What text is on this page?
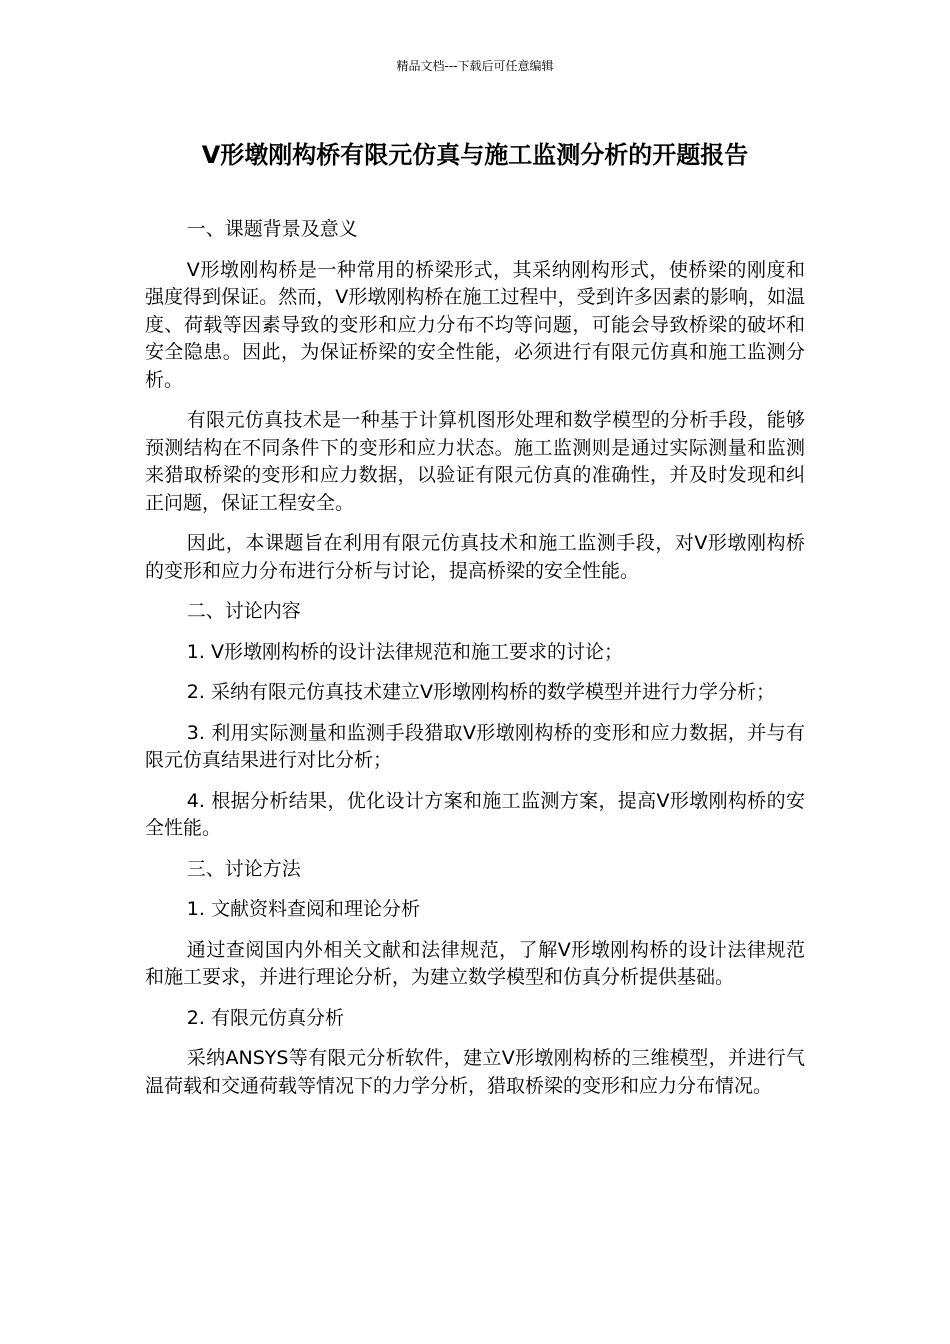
精品文档---下载后可任意编辑
V形墩刚构桥有限元仿真与施工监测分析的开题报告

一、课题背景及意义

V形墩刚构桥是一种常用的桥梁形式，其采纳刚构形式，使桥梁的刚度和强度得到保证。然而，V形墩刚构桥在施工过程中，受到许多因素的影响，如温度、荷载等因素导致的变形和应力分布不均等问题，可能会导致桥梁的破坏和安全隐患。因此，为保证桥梁的安全性能，必须进行有限元仿真和施工监测分析。

有限元仿真技术是一种基于计算机图形处理和数学模型的分析手段，能够预测结构在不同条件下的变形和应力状态。施工监测则是通过实际测量和监测来猎取桥梁的变形和应力数据，以验证有限元仿真的准确性，并及时发现和纠正问题，保证工程安全。

因此，本课题旨在利用有限元仿真技术和施工监测手段，对V形墩刚构桥的变形和应力分布进行分析与讨论，提高桥梁的安全性能。

二、讨论内容

1. V形墩刚构桥的设计法律规范和施工要求的讨论；

2. 采纳有限元仿真技术建立V形墩刚构桥的数学模型并进行力学分析；

3. 利用实际测量和监测手段猎取V形墩刚构桥的变形和应力数据，并与有限元仿真结果进行对比分析；

4. 根据分析结果，优化设计方案和施工监测方案，提高V形墩刚构桥的安全性能。

三、讨论方法

1. 文献资料查阅和理论分析

通过查阅国内外相关文献和法律规范，了解V形墩刚构桥的设计法律规范和施工要求，并进行理论分析，为建立数学模型和仿真分析提供基础。

2. 有限元仿真分析

采纳ANSYS等有限元分析软件，建立V形墩刚构桥的三维模型，并进行气温荷载和交通荷载等情况下的力学分析，猎取桥梁的变形和应力分布情况。
